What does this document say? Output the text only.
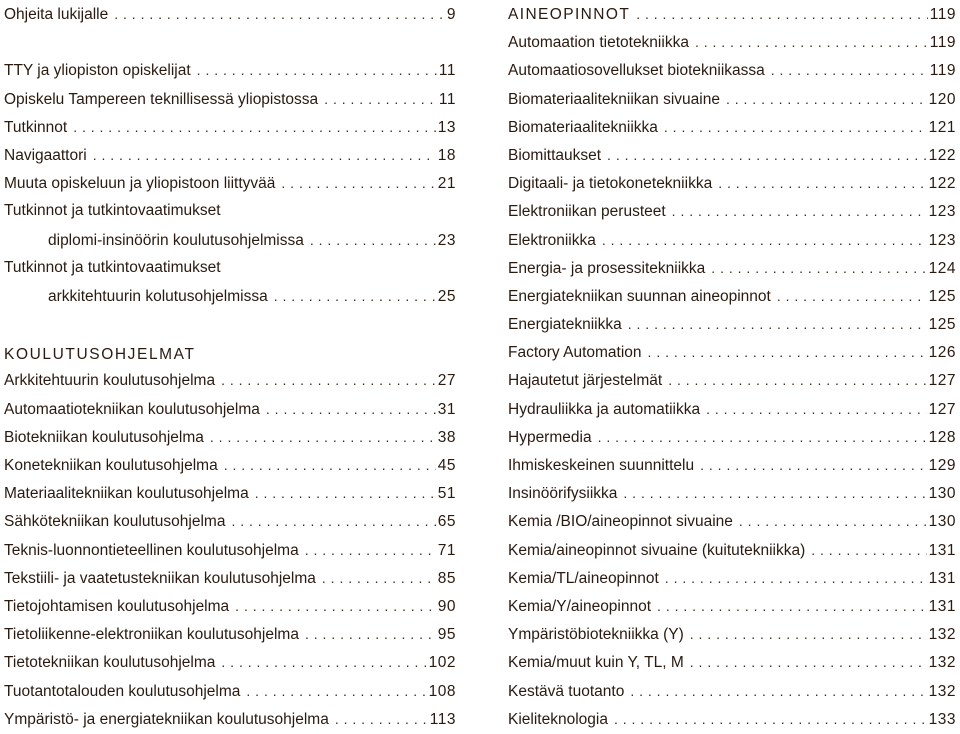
Ohjeita lukijalle . . .	9
TTY ja yliopiston opiskelijat . . .	11
Opiskelu Tampereen teknillisessä yliopistossa . . .	11
Tutkinnot . . .	13
Navigaattori . . .	18
Muuta opiskeluun ja yliopistoon liittyvää . . .	21
Tutkinnot ja tutkintovaatimukset
diplomi-insinöörin koulutusohjelmissa . . .	23
Tutkinnot ja tutkintovaatimukset
arkkitehtuurin kolutusohjelmissa . . .	25
KOULUTUSOHJELMAT
Arkkitehtuurin koulutusohjelma . . .	27
Automaatiotekniikan koulutusohjelma . . .	31
Biotekniikan koulutusohjelma . . .	38
Konetekniikan koulutusohjelma . . .	45
Materiaalitekniikan koulutusohjelma . . .	51
Sähkötekniikan koulutusohjelma . . .	65
Teknis-luonnontieteellinen koulutusohjelma . . .	71
Tekstiili- ja vaatetustekniikan koulutusohjelma . . .	85
Tietojohtamisen koulutusohjelma . . .	90
Tietoliikenne-elektroniikan koulutusohjelma . . .	95
Tietotekniikan koulutusohjelma . . .	102
Tuotantotalouden koulutusohjelma . . .	108
Ympäristö- ja energiatekniikan koulutusohjelma . . .	113
AINEOPINNOT . . .	119
Automaation tietotekniikka . . .	119
Automaatiosovellukset biotekniikassa . . .	119
Biomateriaalitekniikan sivuaine . . .	120
Biomateriaalitekniikka . . .	121
Biomittaukset . . .	122
Digitaali- ja tietokonetekniikka . . .	122
Elektroniikan perusteet . . .	123
Elektroniikka . . .	123
Energia- ja prosessitekniikka . . .	124
Energiatekniikan suunnan aineopinnot . . .	125
Energiatekniikka . . .	125
Factory Automation . . .	126
Hajautetut järjestelmät . . .	127
Hydrauliikka ja automatiikka . . .	127
Hypermedia . . .	128
Ihmiskeskeinen suunnittelu . . .	129
Insinöörifysiikka . . .	130
Kemia /BIO/aineopinnot sivuaine . . .	130
Kemia/aineopinnot sivuaine (kuitutekniikka) . . .	131
Kemia/TL/aineopinnot . . .	131
Kemia/Y/aineopinnot . . .	131
Ympäristöbiotekniikka (Y) . . .	132
Kemia/muut kuin Y, TL, M . . .	132
Kestävä tuotanto . . .	132
Kieliteknologia . . .	133
